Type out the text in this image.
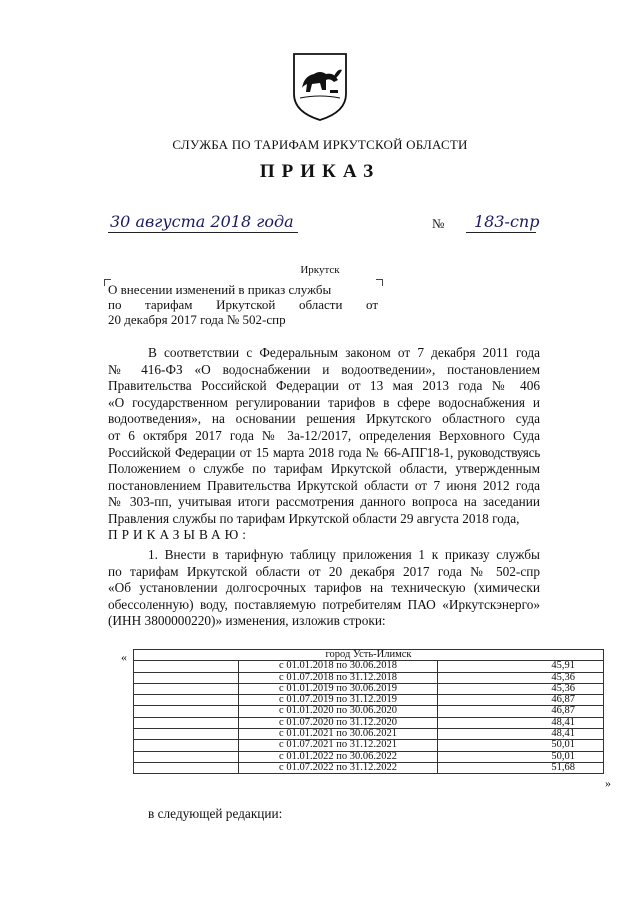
СЛУЖБА ПО ТАРИФАМ ИРКУТСКОЙ ОБЛАСТИ
ПРИКАЗ
30 августа 2018 года	№ 183-спр
Иркутск
О внесении изменений в приказ службы
по тарифам Иркутской области от
20 декабря 2017 года № 502-спр
В соответствии с Федеральным законом от 7 декабря 2011 года
№ 416-ФЗ «О водоснабжении и водоотведении», постановлением
Правительства Российской Федерации от 13 мая 2013 года № 406
«О государственном регулировании тарифов в сфере водоснабжения и
водоотведения», на основании решения Иркутского областного суда
от 6 октября 2017 года № 3а-12/2017, определения Верховного Суда
Российской Федерации от 15 марта 2018 года № 66-АПГ18-1, руководствуясь
Положением о службе по тарифам Иркутской области, утвержденным
постановлением Правительства Иркутской области от 7 июня 2012 года
№ 303-пп, учитывая итоги рассмотрения данного вопроса на заседании
Правления службы по тарифам Иркутской области 29 августа 2018 года,
ПРИКАЗЫВАЮ:
1. Внести в тарифную таблицу приложения 1 к приказу службы
по тарифам Иркутской области от 20 декабря 2017 года № 502-спр
«Об установлении долгосрочных тарифов на техническую (химически
обессоленную) воду, поставляемую потребителям ПАО «Иркутскэнерго»
(ИНН 3800000220)» изменения, изложив строки:
«	город Усть-Илимск		
	с 01.01.2018 по 30.06.2018	45,91
	с 01.07.2018 по 31.12.2018	45,36
	с 01.01.2019 по 30.06.2019	45,36
	с 01.07.2019 по 31.12.2019	46,87
	с 01.01.2020 по 30.06.2020	46,87
	с 01.07.2020 по 31.12.2020	48,41
	с 01.01.2021 по 30.06.2021	48,41
	с 01.07.2021 по 31.12.2021	50,01
	с 01.01.2022 по 30.06.2022	50,01
	с 01.07.2022 по 31.12.2022	51,68
»
в следующей редакции:
